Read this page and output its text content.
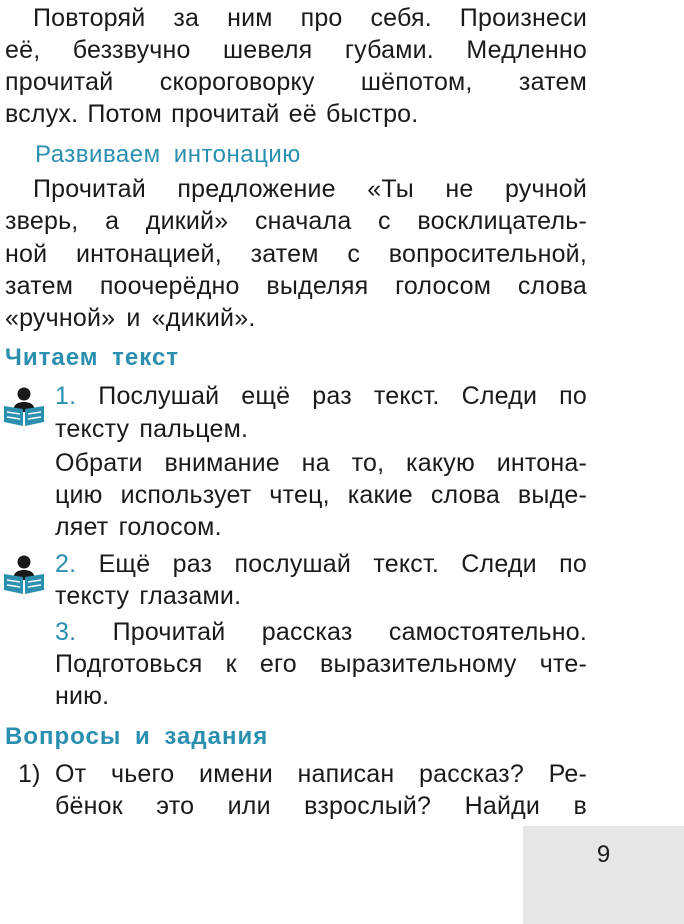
Повторяй за ним про себя. Произнеси

её, беззвучно шевеля губами. Медленно

прочитай скороговорку шёпотом, затем

вслух. Потом прочитай её быстро.

Развиваем интонацию

Прочитай предложение «Ты не ручной

зверь, а дикий» сначала с восклицатель-

ной интонацией, затем с вопросительной,

затем поочерёдно выделяя голосом слова

«ручной» и «дикий».

Читаем текст

1. Послушай ещё раз текст. Следи по

тексту пальцем.

Обрати внимание на то, какую интона-

цию использует чтец, какие слова выде-

ляет голосом.

2. Ещё раз послушай текст. Следи по

тексту глазами.

3. Прочитай рассказ самостоятельно.

Подготовься к его выразительному чте-

нию.

Вопросы и задания

1) От чьего имени написан рассказ? Ре-

бёнок это или взрослый? Найди в

9
